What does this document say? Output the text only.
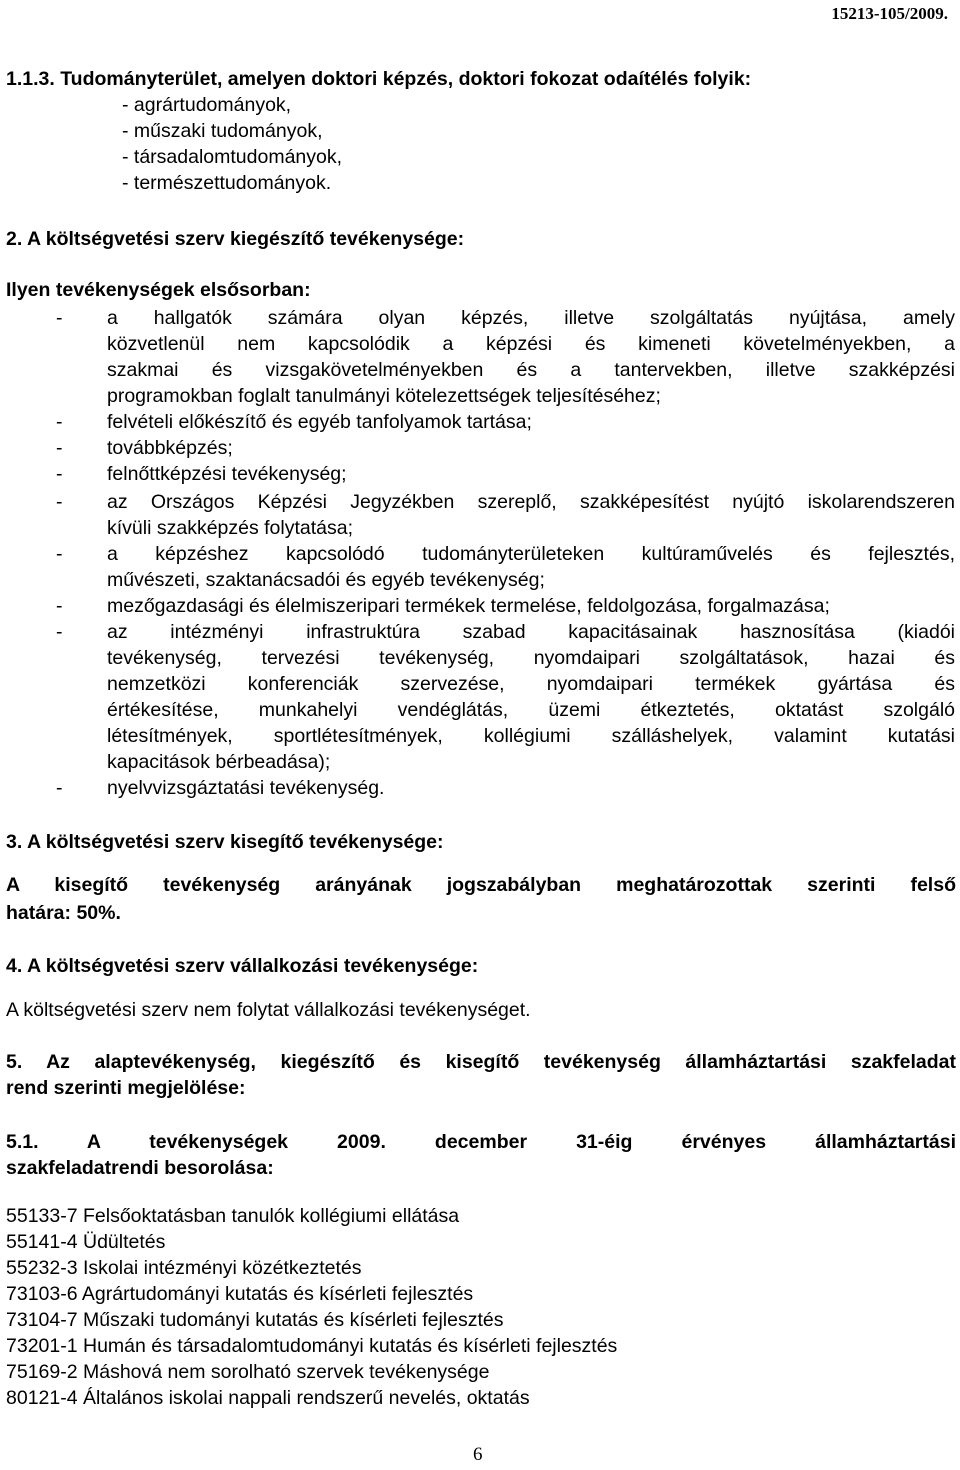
15213-105/2009.
1.1.3. Tudományterület, amelyen doktori képzés, doktori fokozat odaítélés folyik:
- agrártudományok,
- műszaki tudományok,
- társadalomtudományok,
- természettudományok.
2. A költségvetési szerv kiegészítő tevékenysége:
Ilyen tevékenységek elsősorban:
- a hallgatók számára olyan képzés, illetve szolgáltatás nyújtása, amely
közvetlenül nem kapcsolódik a képzési és kimeneti követelményekben, a
szakmai és vizsgakövetelményekben és a tantervekben, illetve szakképzési
programokban foglalt tanulmányi kötelezettségek teljesítéséhez;
- felvételi előkészítő és egyéb tanfolyamok tartása;
- továbbképzés;
- felnőttképzési tevékenység;
- az Országos Képzési Jegyzékben szereplő, szakképesítést nyújtó iskolarendszeren
kívüli szakképzés folytatása;
- a képzéshez kapcsolódó tudományterületeken kultúraművelés és fejlesztés,
művészeti, szaktanácsadói és egyéb tevékenység;
- mezőgazdasági és élelmiszeripari termékek termelése, feldolgozása, forgalmazása;
- az intézményi infrastruktúra szabad kapacitásainak hasznosítása (kiadói
tevékenység, tervezési tevékenység, nyomdaipari szolgáltatások, hazai és
nemzetközi konferenciák szervezése, nyomdaipari termékek gyártása és
értékesítése, munkahelyi vendéglátás, üzemi étkeztetés, oktatást szolgáló
létesítmények, sportlétesítmények, kollégiumi szálláshelyek, valamint kutatási
kapacitások bérbeadása);
- nyelvvizsgáztatási tevékenység.
3. A költségvetési szerv kisegítő tevékenysége:
A kisegítő tevékenység arányának jogszabályban meghatározottak szerinti felső
határa: 50%.
4. A költségvetési szerv vállalkozási tevékenysége:
A költségvetési szerv nem folytat vállalkozási tevékenységet.
5. Az alaptevékenység, kiegészítő és kisegítő tevékenység államháztartási szakfeladat
rend szerinti megjelölése:
5.1. A tevékenységek 2009. december 31-éig érvényes államháztartási
szakfeladatrendi besorolása:
55133-7 Felsőoktatásban tanulók kollégiumi ellátása
55141-4 Üdültetés
55232-3 Iskolai intézményi közétkeztetés
73103-6 Agrártudományi kutatás és kísérleti fejlesztés
73104-7 Műszaki tudományi kutatás és kísérleti fejlesztés
73201-1 Humán és társadalomtudományi kutatás és kísérleti fejlesztés
75169-2 Máshová nem sorolható szervek tevékenysége
80121-4 Általános iskolai nappali rendszerű nevelés, oktatás
6
